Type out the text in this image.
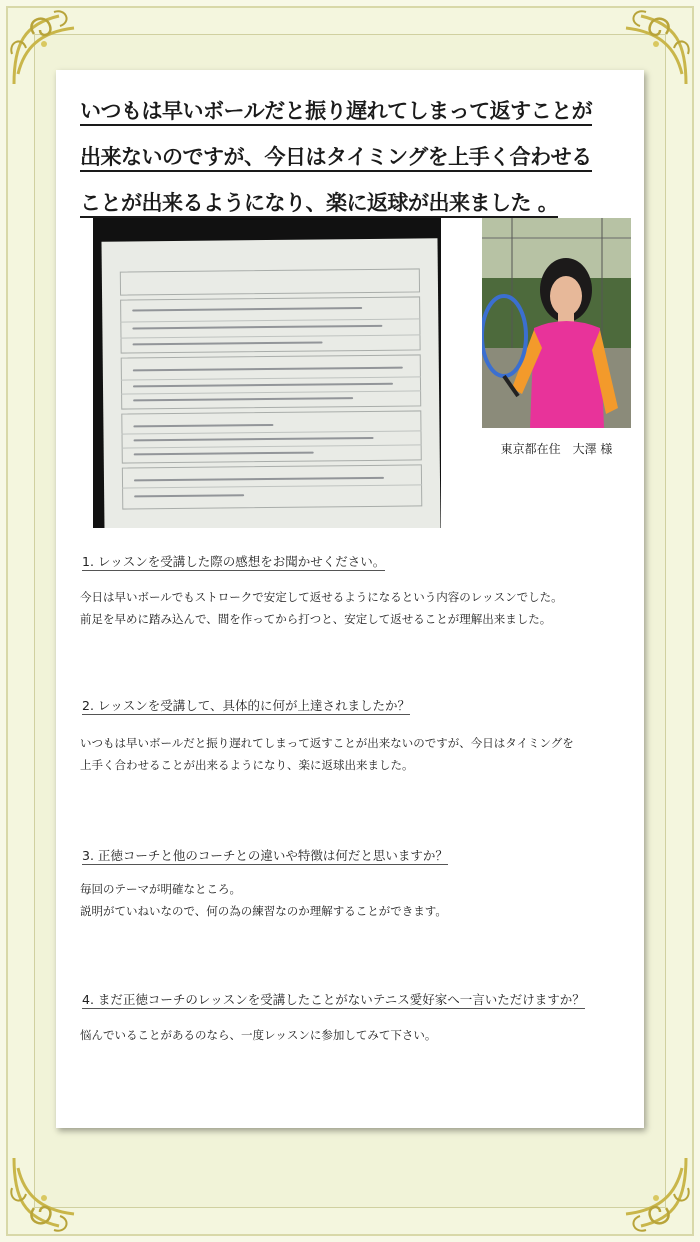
いつもは早いボールだと振り遅れてしまって返すことが
出来ないのですが、今日はタイミングを上手く合わせる
ことが出来るようになり、楽に返球が出来ました 。
東京都在住　大澤 様
1. レッスンを受講した際の感想をお聞かせください。
今日は早いボールでもストロークで安定して返せるようになるという内容のレッスンでした。
前足を早めに踏み込んで、間を作ってから打つと、安定して返せることが理解出来ました。
2. レッスンを受講して、具体的に何が上達されましたか？
いつもは早いボールだと振り遅れてしまって返すことが出来ないのですが、今日はタイミングを
上手く合わせることが出来るようになり、楽に返球出来ました。
3. 正徳コーチと他のコーチとの違いや特徴は何だと思いますか？
毎回のテーマが明確なところ。
説明がていねいなので、何の為の練習なのか理解することができます。
4. まだ正徳コーチのレッスンを受講したことがないテニス愛好家へ一言いただけますか？
悩んでいることがあるのなら、一度レッスンに参加してみて下さい。
